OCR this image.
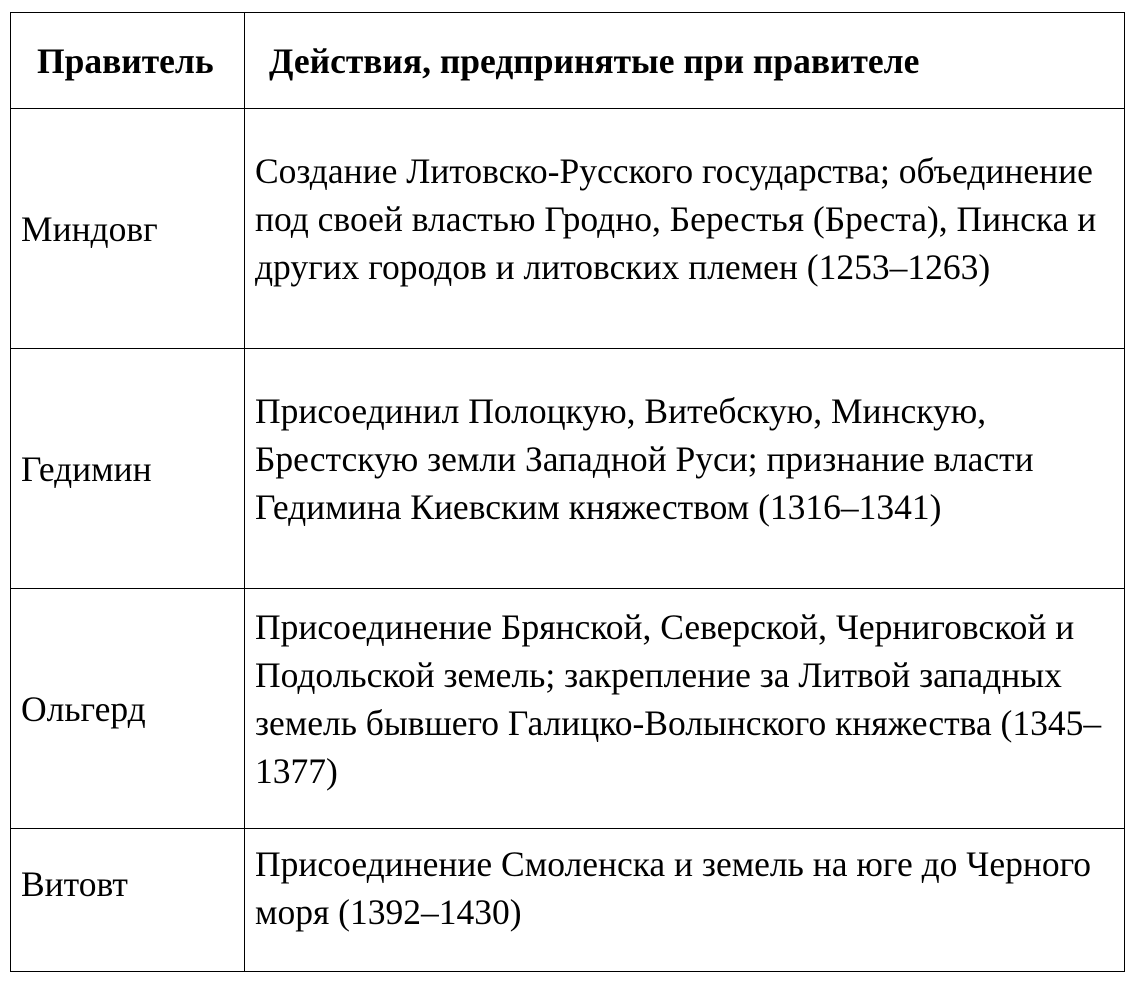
Правитель	Действия, предпринятые при правителе
Миндовг	Создание Литовско-Русского государства; объединение под своей властью Гродно, Берестья (Бреста), Пинска и других городов и литовских племен (1253–1263)

Гедимин	Присоединил Полоцкую, Витебскую, Минскую, Брестскую земли Западной Руси; признание власти Гедимина Киевским княжеством (1316–1341)

Ольгерд	Присоединение Брянской, Северской, Черниговской и Подольской земель; закрепление за Литвой западных земель бывшего Галицко-Волынского княжества (1345–1377)

Витовт	Присоединение Смоленска и земель на юге до Черного моря (1392–1430)
